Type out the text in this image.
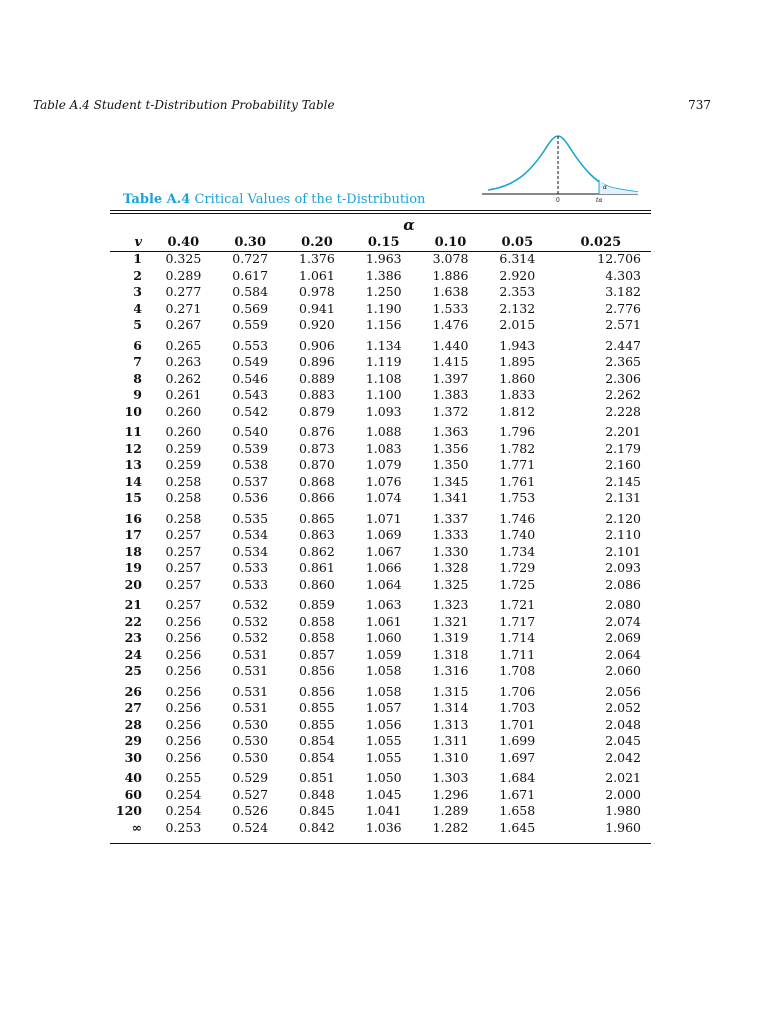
Table A.4 Student t-Distribution Probability Table	737
0	tα
α
Table A.4 Critical Values of the t-Distribution
α
v	0.40	0.30	0.20	0.15	0.10	0.05	0.025
1	0.325	0.727	1.376	1.963	3.078	6.314	12.706
2	0.289	0.617	1.061	1.386	1.886	2.920	4.303
3	0.277	0.584	0.978	1.250	1.638	2.353	3.182
4	0.271	0.569	0.941	1.190	1.533	2.132	2.776
5	0.267	0.559	0.920	1.156	1.476	2.015	2.571
6	0.265	0.553	0.906	1.134	1.440	1.943	2.447
7	0.263	0.549	0.896	1.119	1.415	1.895	2.365
8	0.262	0.546	0.889	1.108	1.397	1.860	2.306
9	0.261	0.543	0.883	1.100	1.383	1.833	2.262
10	0.260	0.542	0.879	1.093	1.372	1.812	2.228
11	0.260	0.540	0.876	1.088	1.363	1.796	2.201
12	0.259	0.539	0.873	1.083	1.356	1.782	2.179
13	0.259	0.538	0.870	1.079	1.350	1.771	2.160
14	0.258	0.537	0.868	1.076	1.345	1.761	2.145
15	0.258	0.536	0.866	1.074	1.341	1.753	2.131
16	0.258	0.535	0.865	1.071	1.337	1.746	2.120
17	0.257	0.534	0.863	1.069	1.333	1.740	2.110
18	0.257	0.534	0.862	1.067	1.330	1.734	2.101
19	0.257	0.533	0.861	1.066	1.328	1.729	2.093
20	0.257	0.533	0.860	1.064	1.325	1.725	2.086
21	0.257	0.532	0.859	1.063	1.323	1.721	2.080
22	0.256	0.532	0.858	1.061	1.321	1.717	2.074
23	0.256	0.532	0.858	1.060	1.319	1.714	2.069
24	0.256	0.531	0.857	1.059	1.318	1.711	2.064
25	0.256	0.531	0.856	1.058	1.316	1.708	2.060
26	0.256	0.531	0.856	1.058	1.315	1.706	2.056
27	0.256	0.531	0.855	1.057	1.314	1.703	2.052
28	0.256	0.530	0.855	1.056	1.313	1.701	2.048
29	0.256	0.530	0.854	1.055	1.311	1.699	2.045
30	0.256	0.530	0.854	1.055	1.310	1.697	2.042
40	0.255	0.529	0.851	1.050	1.303	1.684	2.021
60	0.254	0.527	0.848	1.045	1.296	1.671	2.000
120	0.254	0.526	0.845	1.041	1.289	1.658	1.980
∞	0.253	0.524	0.842	1.036	1.282	1.645	1.960
